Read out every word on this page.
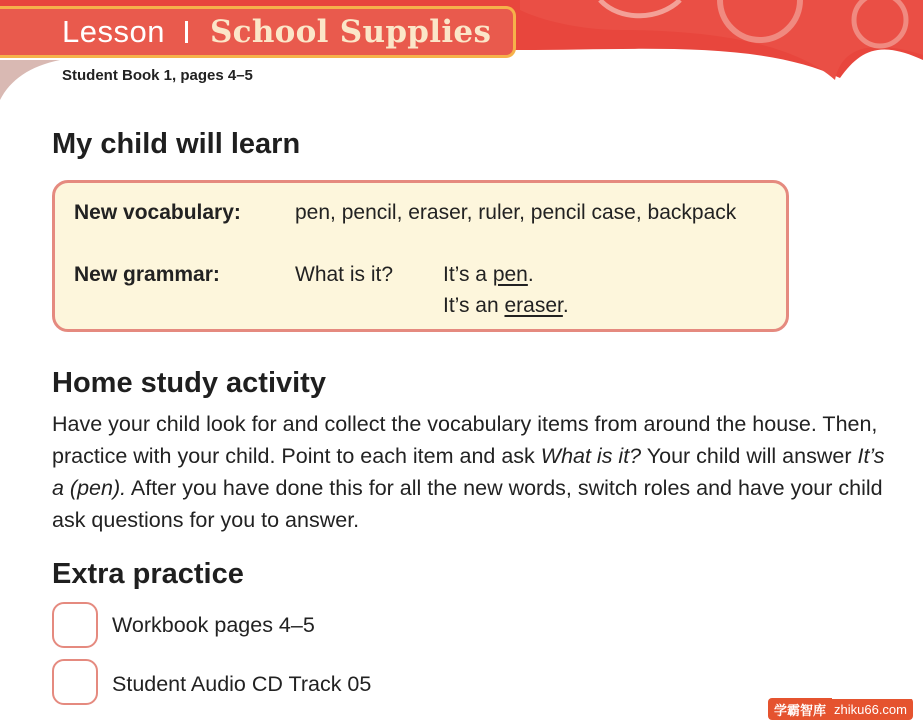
Lesson School Supplies
Student Book 1, pages 4–5
My child will learn
New vocabulary:	pen, pencil, eraser, ruler, pencil case, backpack
New grammar:	What is it? It’s a pen.
It’s an eraser.
Home study activity
Have your child look for and collect the vocabulary items from around the house. Then, practice with your child. Point to each item and ask What is it? Your child will answer It’s a (pen). After you have done this for all the new words, switch roles and have your child ask questions for you to answer.
Extra practice
Workbook pages 4–5
Student Audio CD Track 05
学霸智库 zhiku66.com
